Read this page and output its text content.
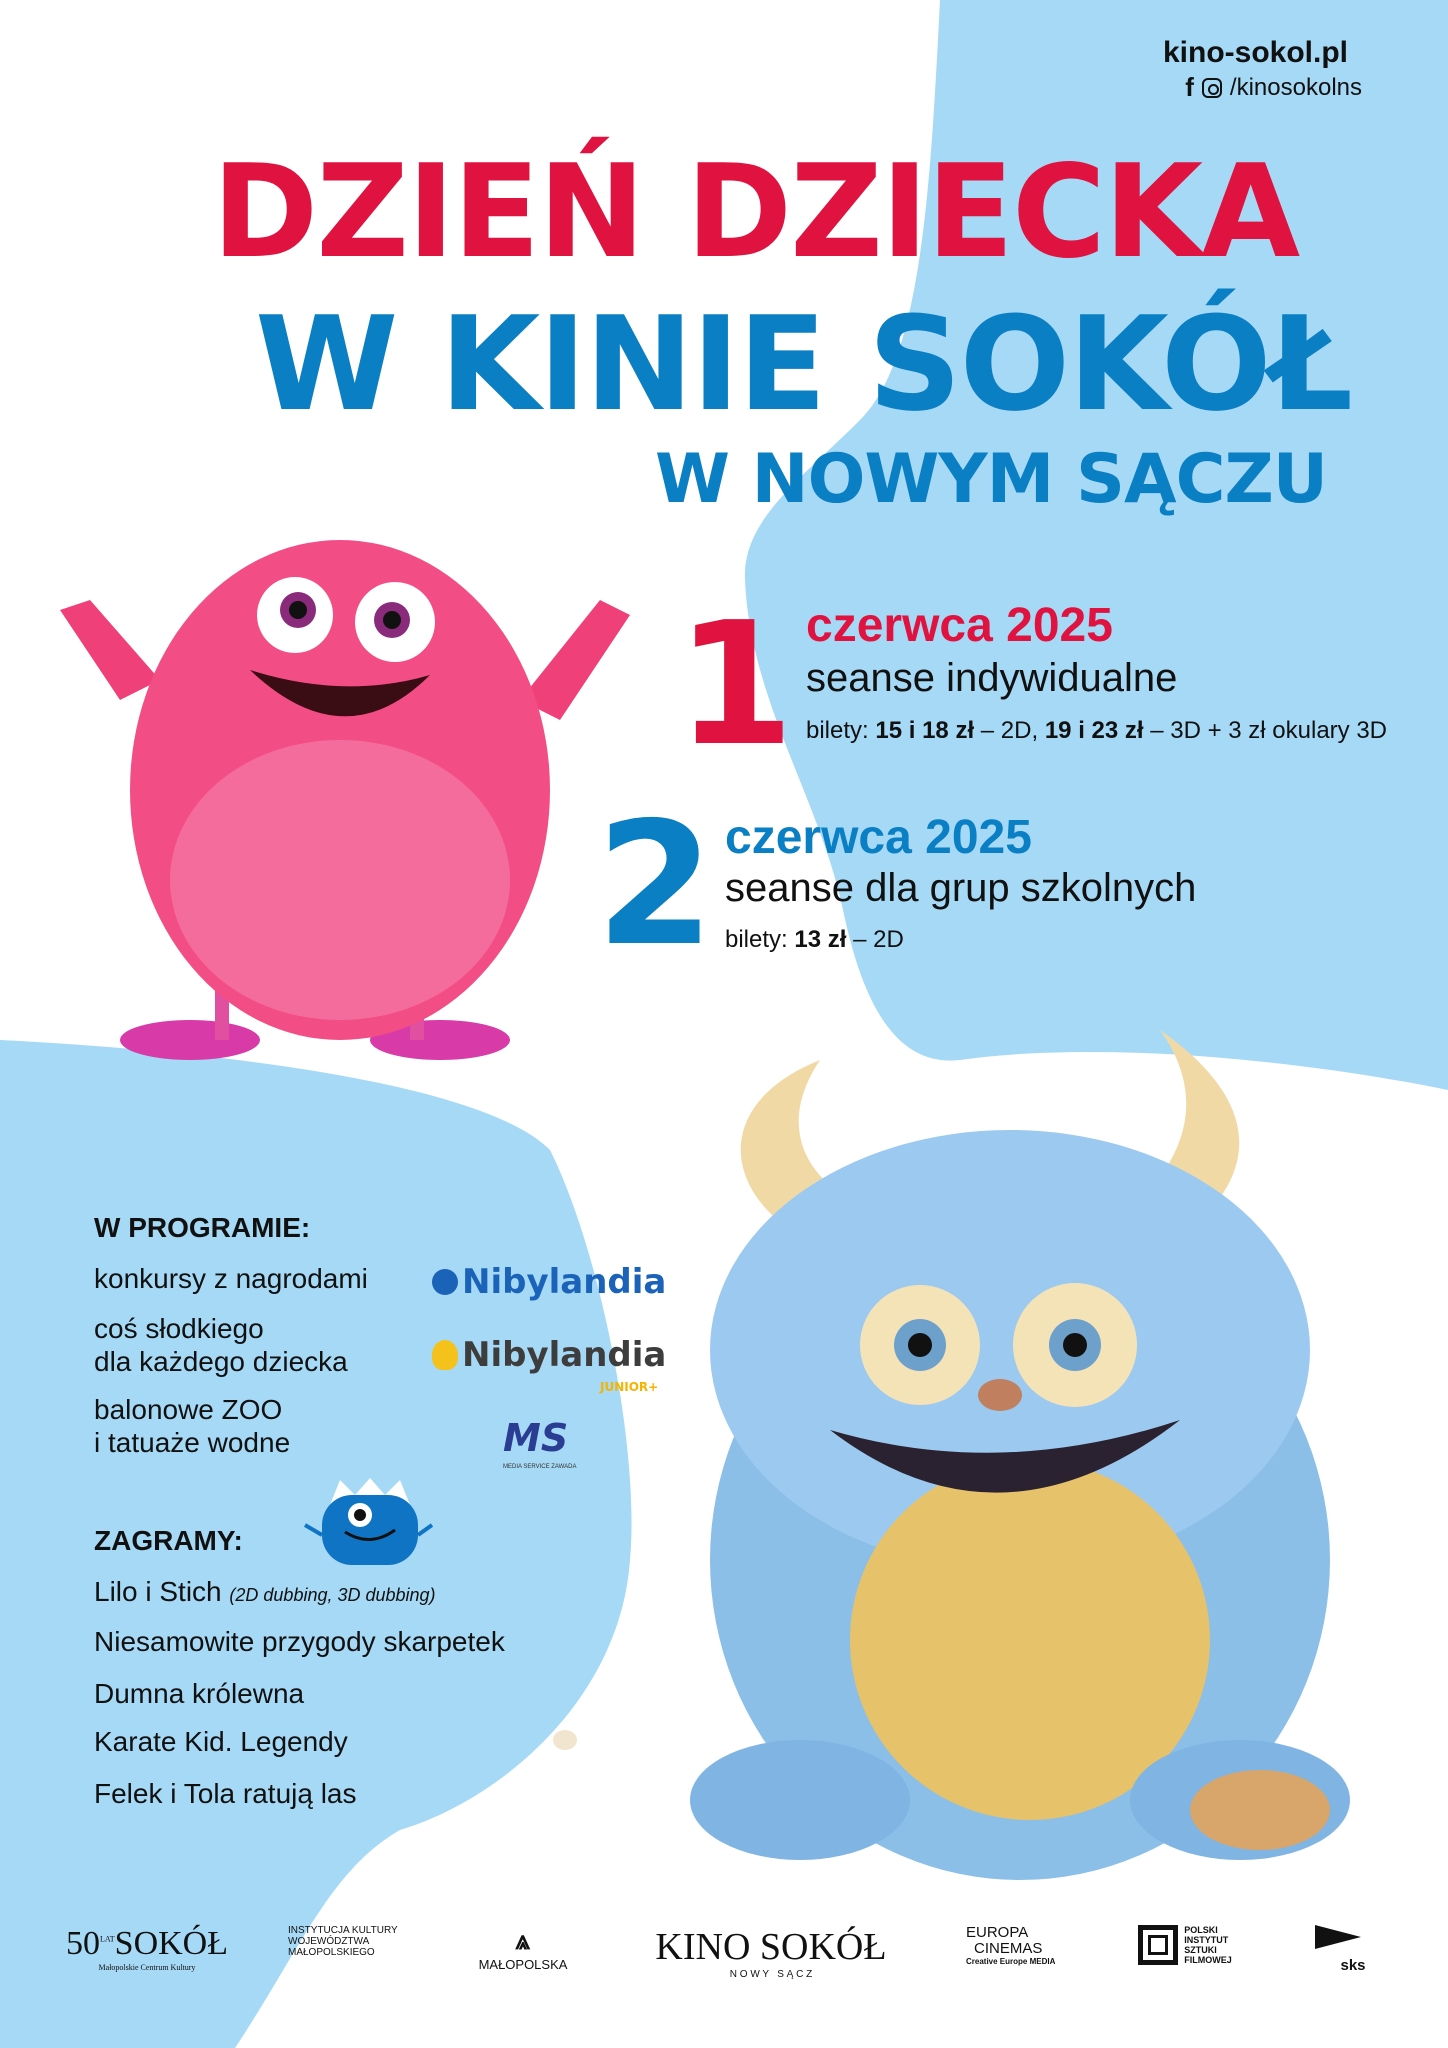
kino-sokol.pl
f /kinosokolns
DZIEŃ DZIECKA
W KINIE SOKÓŁ
W NOWYM SĄCZU
1 czerwca 2025
seanse indywidualne
bilety: 15 i 18 zł – 2D, 19 i 23 zł – 3D + 3 zł okulary 3D
2 czerwca 2025
seanse dla grup szkolnych
bilety: 13 zł – 2D
W PROGRAMIE:
konkursy z nagrodami
coś słodkiego
dla każdego dziecka
balonowe ZOO
i tatuaże wodne
Nibylandia
Nibylandia
JUNIOR+
MS
MEDIA SERVICE ZAWADA
ZAGRAMY:
Lilo i Stich (2D dubbing, 3D dubbing)
Niesamowite przygody skarpetek
Dumna królewna
Karate Kid. Legendy
Felek i Tola ratują las
$50^{LAT}SOKÓŁ$
Małopolskie Centrum Kultury
INSTYTUCJA KULTURY
WOJEWÓDZTWA
MAŁOPOLSKIEGO	⩓
MAŁOPOLSKA KINO SOKÓŁ
N O W Y   S Ą C Z
EUROPA
CINEMAS
Creative Europe MEDIA
POLSKI
INSTYTUT
SZTUKI
FILMOWEJ	sks
